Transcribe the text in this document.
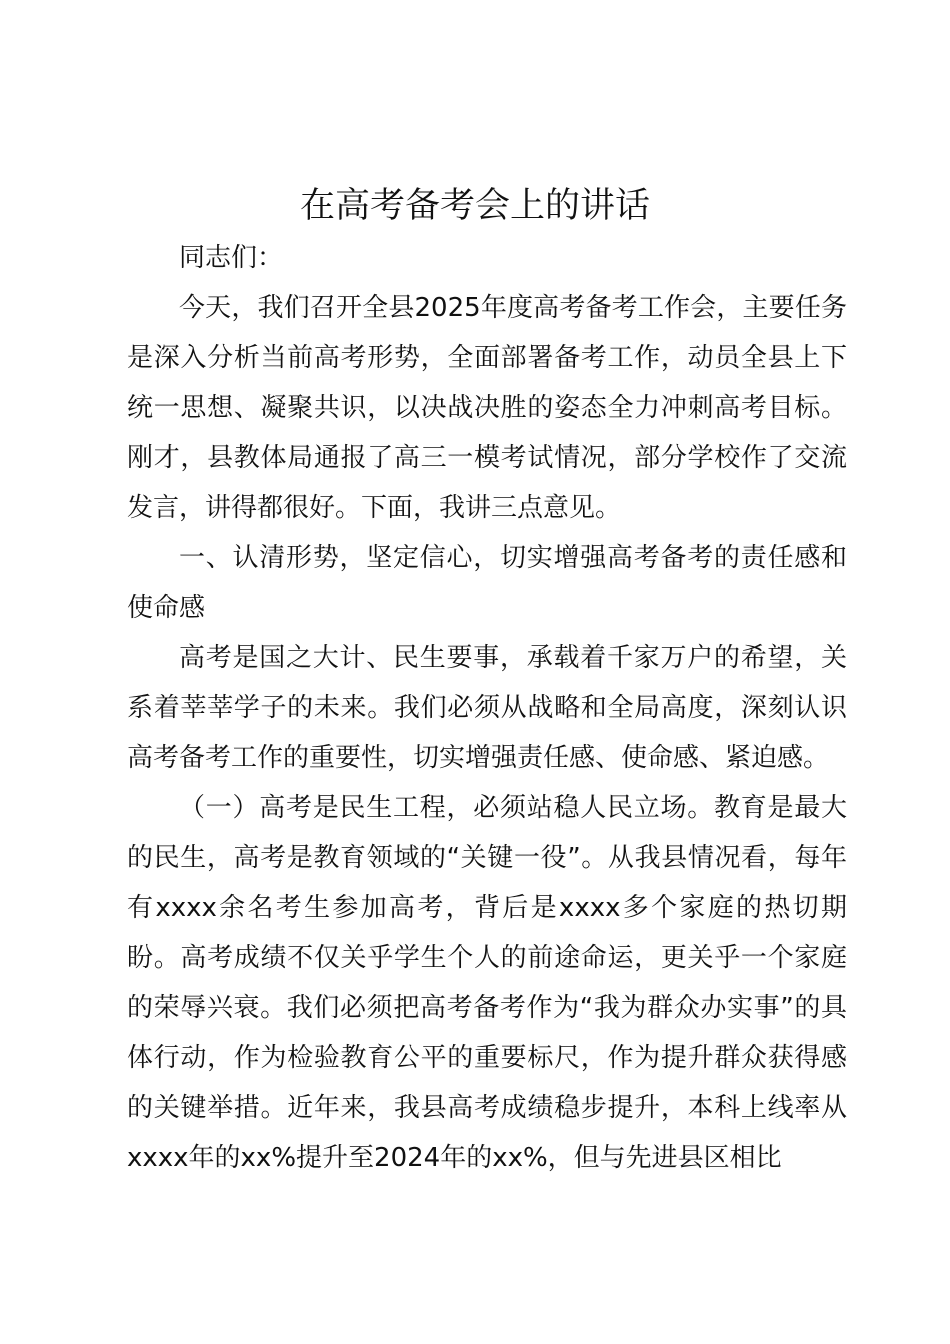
在高考备考会上的讲话

同志们：

今天，我们召开全县2025年度高考备考工作会，主要任务是深入分析当前高考形势，全面部署备考工作，动员全县上下统一思想、凝聚共识，以决战决胜的姿态全力冲刺高考目标。刚才，县教体局通报了高三一模考试情况，部分学校作了交流发言，讲得都很好。下面，我讲三点意见。

一、认清形势，坚定信心，切实增强高考备考的责任感和使命感

高考是国之大计、民生要事，承载着千家万户的希望，关系着莘莘学子的未来。我们必须从战略和全局高度，深刻认识高考备考工作的重要性，切实增强责任感、使命感、紧迫感。

（一）高考是民生工程，必须站稳人民立场。教育是最大的民生，高考是教育领域的“关键一役”。从我县情况看，每年有xxxx余名考生参加高考，背后是xxxx多个家庭的热切期盼。高考成绩不仅关乎学生个人的前途命运，更关乎一个家庭的荣辱兴衰。我们必须把高考备考作为“我为群众办实事”的具体行动，作为检验教育公平的重要标尺，作为提升群众获得感的关键举措。近年来，我县高考成绩稳步提升，本科上线率从xxxx年的xx%提升至2024年的xx%，但与先进县区相比
